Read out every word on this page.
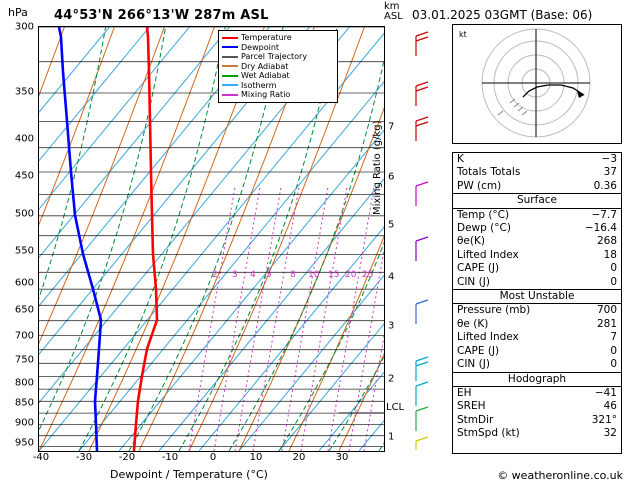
hPa 44°53'N 266°13'W 287m ASL
300
350
400
450
500
550
600
650
700
750
800
850
900
950
-40	-30	-20	-10	0	10	20	30
Dewpoint / Temperature (°C)
2 3 4 5 8 10 15 20 25
Temperature
Dewpoint
Parcel Trajectory
Dry Adiabat
Wet Adiabat
Isotherm
Mixing Ratio
Mixing Ratio (g/kg)
km
ASL
1
2
3
4
5
6
7
LCL
03.01.2025 03GMT (Base: 06)
kt
K	−3
Totals Totals	37
PW (cm)	0.36
Surface	
Temp (°C)	−7.7
Dewp (°C)	−16.4
θe(K)	268
Lifted Index	18
CAPE (J)	0
CIN (J)	0
Most Unstable	
Pressure (mb)	700
θe (K)	281
Lifted Index	7
CAPE (J)	0
CIN (J)	0
Hodograph	
EH	−41
SREH	46
StmDir	321°
StmSpd (kt)	32
© weatheronline.co.uk
